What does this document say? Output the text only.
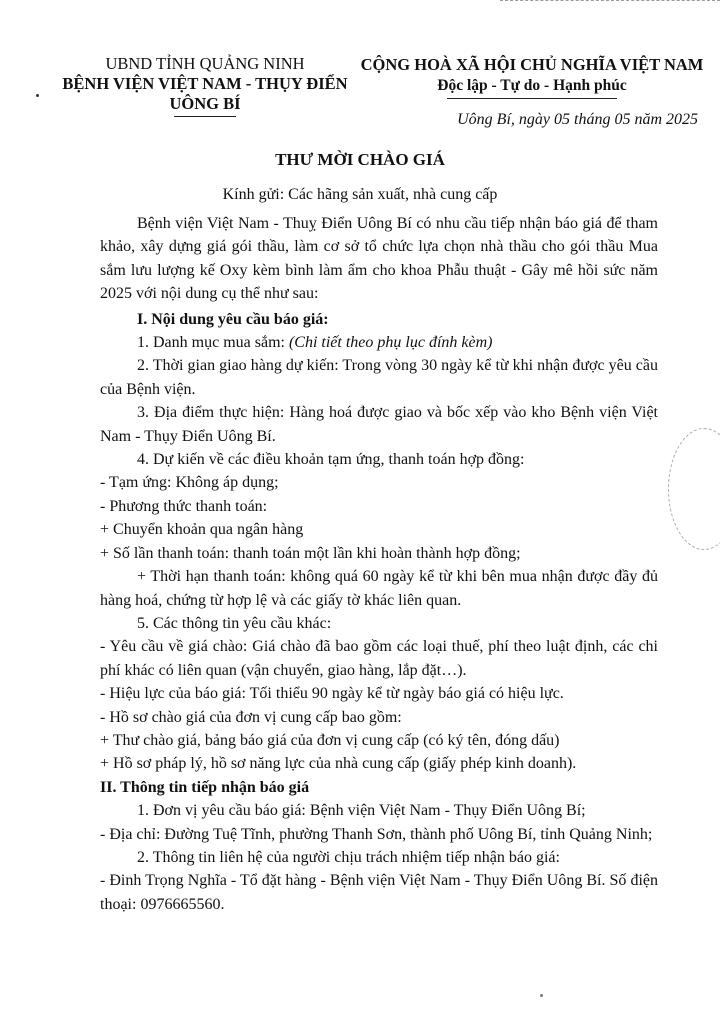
UBND TỈNH QUẢNG NINH
BỆNH VIỆN VIỆT NAM - THỤY ĐIỂN
UÔNG BÍ
CỘNG HOÀ XÃ HỘI CHỦ NGHĨA VIỆT NAM
Độc lập - Tự do - Hạnh phúc
Uông Bí, ngày 05 tháng 05 năm 2025
THƯ MỜI CHÀO GIÁ
Kính gửi: Các hãng sản xuất, nhà cung cấp

Bệnh viện Việt Nam - Thuỵ Điển Uông Bí có nhu cầu tiếp nhận báo giá để tham khảo, xây dựng giá gói thầu, làm cơ sở tổ chức lựa chọn nhà thầu cho gói thầu Mua sắm lưu lượng kế Oxy kèm bình làm ẩm cho khoa Phẫu thuật - Gây mê hồi sức năm 2025 với nội dung cụ thể như sau:

I. Nội dung yêu cầu báo giá:

1. Danh mục mua sắm: (Chi tiết theo phụ lục đính kèm)

2. Thời gian giao hàng dự kiến: Trong vòng 30 ngày kể từ khi nhận được yêu cầu của Bệnh viện.

3. Địa điểm thực hiện: Hàng hoá được giao và bốc xếp vào kho Bệnh viện Việt Nam - Thụy Điển Uông Bí.

4. Dự kiến về các điều khoản tạm ứng, thanh toán hợp đồng:

- Tạm ứng: Không áp dụng;

- Phương thức thanh toán:

+ Chuyển khoản qua ngân hàng

+ Số lần thanh toán: thanh toán một lần khi hoàn thành hợp đồng;

+ Thời hạn thanh toán: không quá 60 ngày kể từ khi bên mua nhận được đầy đủ hàng hoá, chứng từ hợp lệ và các giấy tờ khác liên quan.

5. Các thông tin yêu cầu khác:

- Yêu cầu về giá chào: Giá chào đã bao gồm các loại thuế, phí theo luật định, các chi phí khác có liên quan (vận chuyển, giao hàng, lắp đặt…).

- Hiệu lực của báo giá: Tối thiểu 90 ngày kể từ ngày báo giá có hiệu lực.

- Hồ sơ chào giá của đơn vị cung cấp bao gồm:

+ Thư chào giá, bảng báo giá của đơn vị cung cấp (có ký tên, đóng dấu)

+ Hồ sơ pháp lý, hồ sơ năng lực của nhà cung cấp (giấy phép kinh doanh).

II. Thông tin tiếp nhận báo giá

1. Đơn vị yêu cầu báo giá: Bệnh viện Việt Nam - Thụy Điển Uông Bí;

- Địa chỉ: Đường Tuệ Tĩnh, phường Thanh Sơn, thành phố Uông Bí, tỉnh Quảng Ninh;

2. Thông tin liên hệ của người chịu trách nhiệm tiếp nhận báo giá:

- Đinh Trọng Nghĩa - Tổ đặt hàng - Bệnh viện Việt Nam - Thụy Điển Uông Bí. Số điện thoại: 0976665560.
